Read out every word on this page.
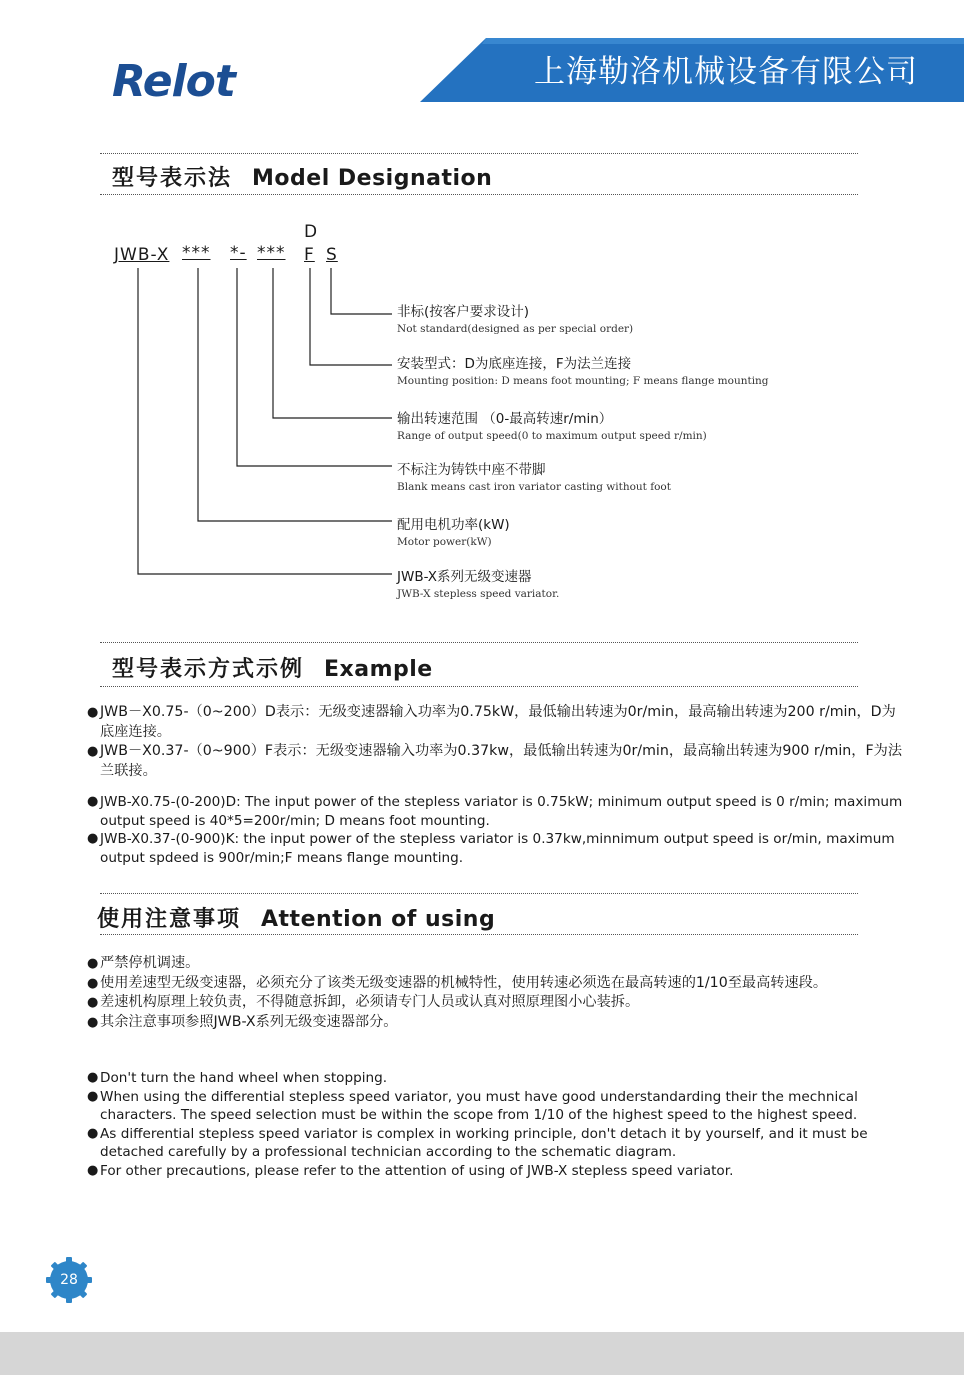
Relot	上海勒洛机械设备有限公司
型号表示法 Model Designation
JWB-X *** *- ***
D
F S
非标(按客户要求设计)
Not standard(designed as per special order)
安装型式：D为底座连接，F为法兰连接
Mounting position: D means foot mounting; F means flange mounting
输出转速范围 （0-最高转速r/min）
Range of output speed(0 to maximum output speed r/min)
不标注为铸铁中座不带脚
Blank means cast iron variator casting without foot
配用电机功率(kW)
Motor power(kW)
JWB-X系列无级变速器
JWB-X stepless speed variator.
型号表示方式示例 Example
● JWB－X0.75-（0~200）D表示：无级变速器输入功率为0.75kW，最低输出转速为0r/min，最高输出转速为200 r/min，D为底座连接。
● JWB－X0.37-（0~900）F表示：无级变速器输入功率为0.37kw，最低输出转速为0r/min，最高输出转速为900 r/min，F为法兰联接。
● JWB-X0.75-(0-200)D: The input power of the stepless variator is 0.75kW; minimum output speed is 0 r/min; maximum output speed is 40*5=200r/min; D means foot mounting.
● JWB-X0.37-(0-900)K: the input power of the stepless variator is 0.37kw,minnimum output speed is or/min, maximum output spdeed is 900r/min;F means flange mounting.
使用注意事项 Attention of using
● 严禁停机调速。
● 使用差速型无级变速器，必须充分了该类无级变速器的机械特性，使用转速必须选在最高转速的1/10至最高转速段。
● 差速机构原理上较负责，不得随意拆卸，必须请专门人员或认真对照原理图小心装拆。
● 其余注意事项参照JWB-X系列无级变速器部分。
● Don't turn the hand wheel when stopping.
● When using the differential stepless speed variator, you must have good understandarding their the mechnical characters. The speed selection must be within the scope from 1/10 of the highest speed to the highest speed.
● As differential stepless speed variator is complex in working principle, don't detach it by yourself, and it must be detached carefully by a professional technician according to the schematic diagram.
● For other precautions, please refer to the attention of using of JWB-X stepless speed variator.
28
